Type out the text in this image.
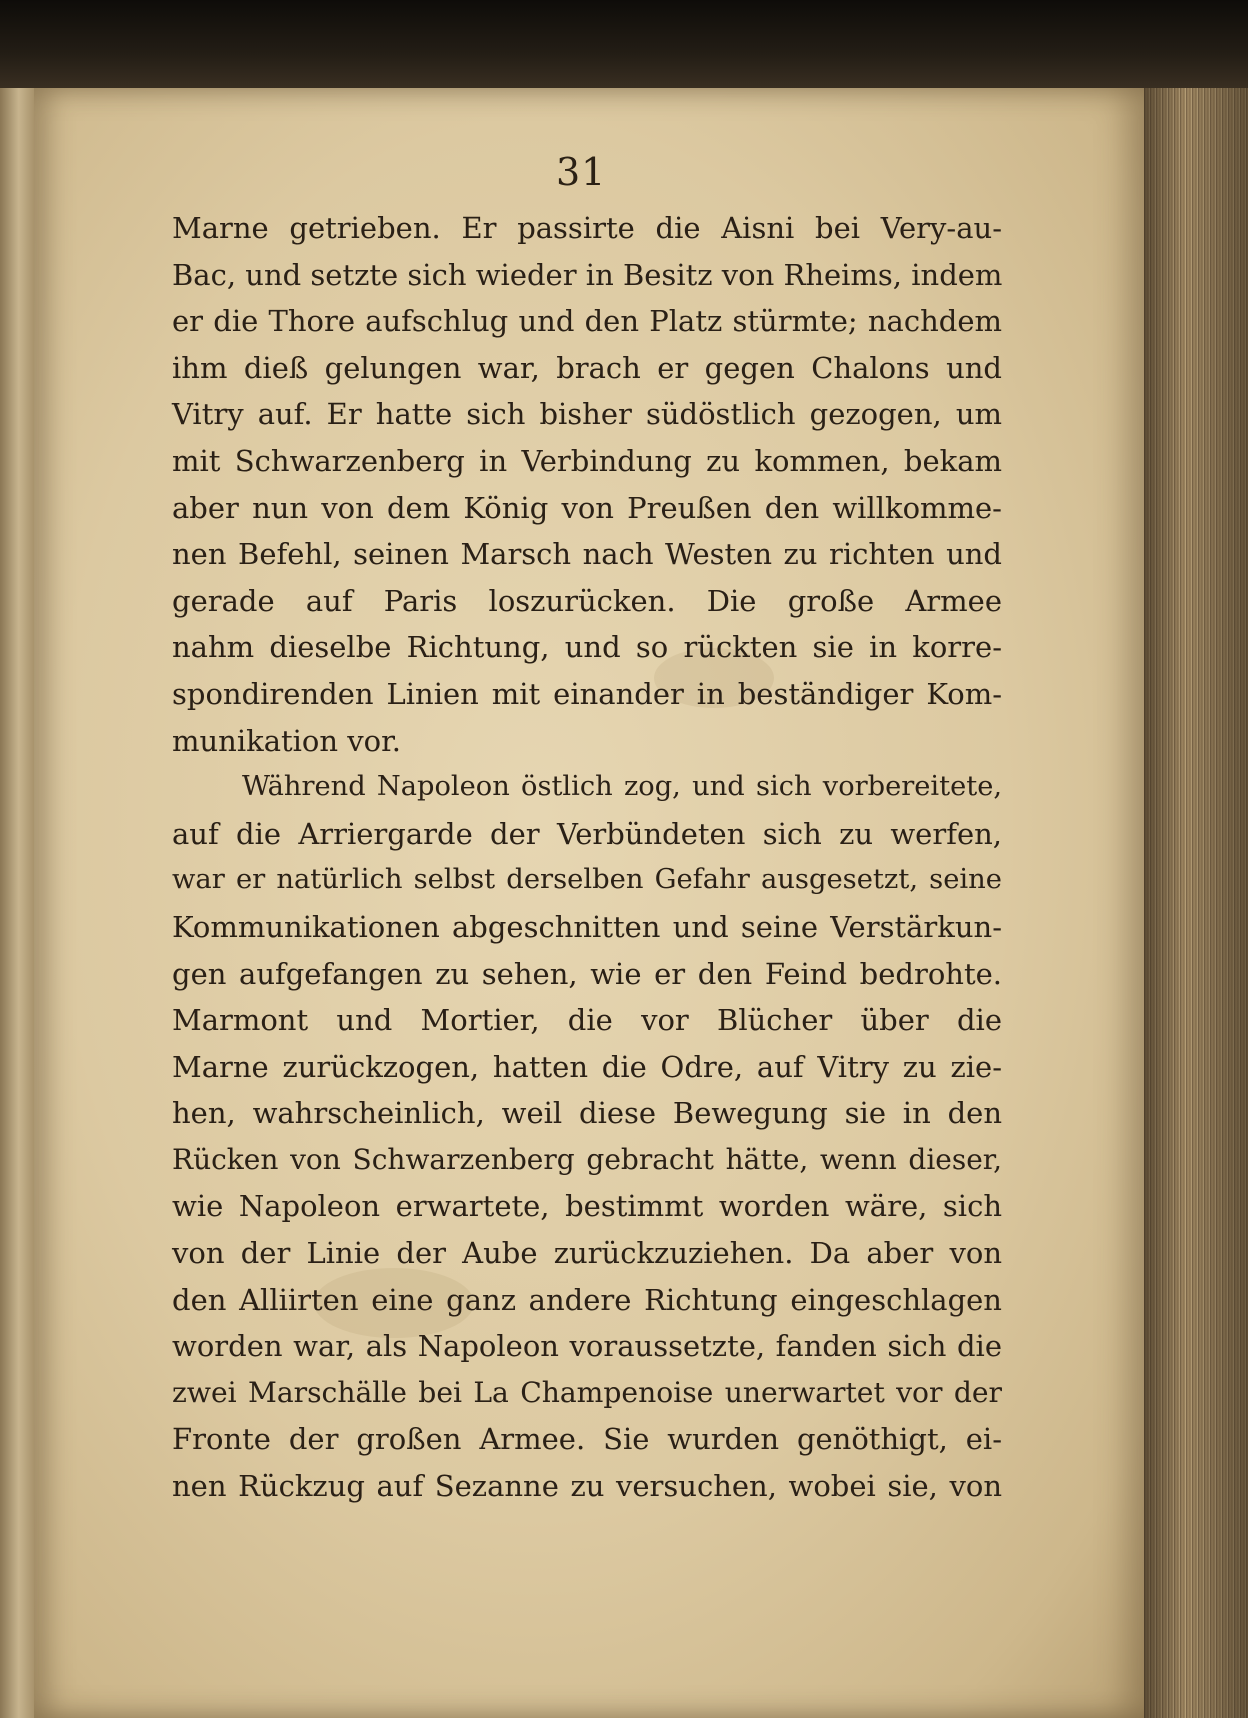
31
Marne getrieben. Er passirte die Aisni bei Very-au-
Bac, und setzte sich wieder in Besitz von Rheims, indem
er die Thore aufschlug und den Platz stürmte; nachdem
ihm dieß gelungen war, brach er gegen Chalons und
Vitry auf. Er hatte sich bisher südöstlich gezogen, um
mit Schwarzenberg in Verbindung zu kommen, bekam
aber nun von dem König von Preußen den willkomme-
nen Befehl, seinen Marsch nach Westen zu richten und
gerade auf Paris loszurücken. Die große Armee
nahm dieselbe Richtung, und so rückten sie in korre-
spondirenden Linien mit einander in beständiger Kom-
munikation vor.
Während Napoleon östlich zog, und sich vorbereitete,
auf die Arriergarde der Verbündeten sich zu werfen,
war er natürlich selbst derselben Gefahr ausgesetzt, seine
Kommunikationen abgeschnitten und seine Verstärkun-
gen aufgefangen zu sehen, wie er den Feind bedrohte.
Marmont und Mortier, die vor Blücher über die
Marne zurückzogen, hatten die Odre, auf Vitry zu zie-
hen, wahrscheinlich, weil diese Bewegung sie in den
Rücken von Schwarzenberg gebracht hätte, wenn dieser,
wie Napoleon erwartete, bestimmt worden wäre, sich
von der Linie der Aube zurückzuziehen. Da aber von
den Alliirten eine ganz andere Richtung eingeschlagen
worden war, als Napoleon voraussetzte, fanden sich die
zwei Marschälle bei La Champenoise unerwartet vor der
Fronte der großen Armee. Sie wurden genöthigt, ei-
nen Rückzug auf Sezanne zu versuchen, wobei sie, von
